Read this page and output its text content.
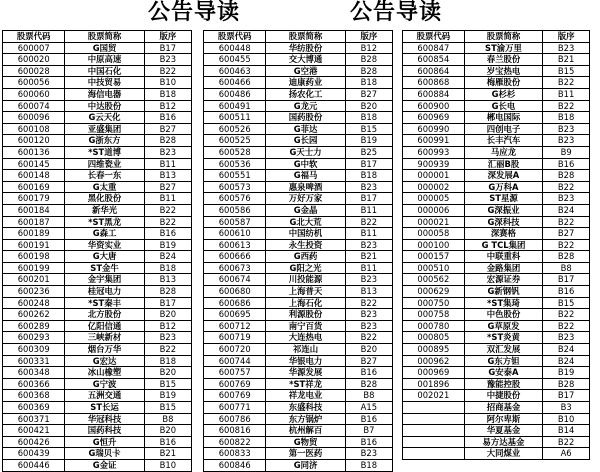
公告导读	公告导读
股票代码	股票简称	版序
600007	G国贸	B17
600020	中原高速	B23
600028	中国石化	B22
600056	中技贸易	B10
600060	海信电器	B18
600074	中达股份	B12
600096	G云天化	B16
600108	亚盛集团	B27
600120	G浙东方	B28
600136	*ST道博	B23
600145	四维瓷业	B11
600148	长春一东	B13
600169	G太重	B27
600179	黑化股份	B11
600184	新华光	B22
600187	*ST黑龙	B22
600189	G森工	B16
600191	华资实业	B19
600198	G大唐	B24
600199	ST金牛	B18
600201	金宇集团	B13
600236	桂冠电力	B28
600248	*ST秦丰	B17
600262	北方股份	B20
600289	亿阳信通	B12
600293	三峡新材	B23
600309	烟台万华	B22
600331	G宏达	B18
600348	冰山橡塑	B20
600366	G宁波	B15
600368	五洲交通	B19
600369	ST长运	B15
600371	华冠科技	B8
600421	国药科技	B20
600426	G恒升	B16
600439	G瑞贝卡	B21
600446	G金证	B10
股票代码	股票简称	版序
600448	华纺股份	B12
600455	交大博通	B28
600463	G空港	B28
600466	迪康药业	B18
600486	扬农化工	B27
600491	G龙元	B20
600511	国药股份	B18
600526	G菲达	B15
600525	G长园	B19
600528	G天士力	B25
600536	G中软	B17
600551	G福马	B18
600573	惠泉啤酒	B23
600576	万好万家	B17
600586	G金晶	B11
600587	G北大荒	B22
600610	中国纺机	B11
600613	永生投资	B23
600666	G西药	B21
600673	G阳之光	B11
600674	川投能源	B23
600680	上海普天	B13
600686	上海石化	B22
600695	利源股份	B23
600712	南宁百货	B23
600719	大连热电	B22
600720	祁连山	B20
600744	华银电力	B27
600757	华源发展	B16
600769	*ST祥龙	B28
600769	祥龙电业	B8
600771	东盛科技	A15
600786	东方锅炉	B16
600816	杭州解百	B7
600822	G物贸	B16
600833	第一医药	B23
600846	G同济	B18
股票代码	股票简称	版序
600847	ST渝万里	B23
600854	春兰股份	B21
600864	岁宝热电	B15
600868	梅雁股份	B22
600884	G杉杉	B11
600900	G长电	B22
600969	郴电国际	B18
600990	四创电子	B23
600991	长丰汽车	B23
600993	马应龙	B9
900939	汇丽B股	B16
000001	深发展A	B28
000002	G万科A	B22
000005	ST星源	B23
000006	G深振业	B24
000021	G深科技	B22
000058	深赛格	B27
000100	G TCL集团	B22
000157	中联重科	B28
000510	金路集团	B8
000562	宏源证券	B17
000629	G新钢钒	B16
000750	*ST集琦	B15
000758	中色股份	B22
000780	G草原发	B22
000805	*ST炎黄	B23
000895	双汇发展	B24
000962	G东方钽	B24
000969	G安泰A	B19
001896	豫能控股	B28
002021	中捷股份	B17
	招商基金	B3
	阿尔卑斯	B10
	华夏基金	B14
	易方达基金	B22
	大同煤业	A6
